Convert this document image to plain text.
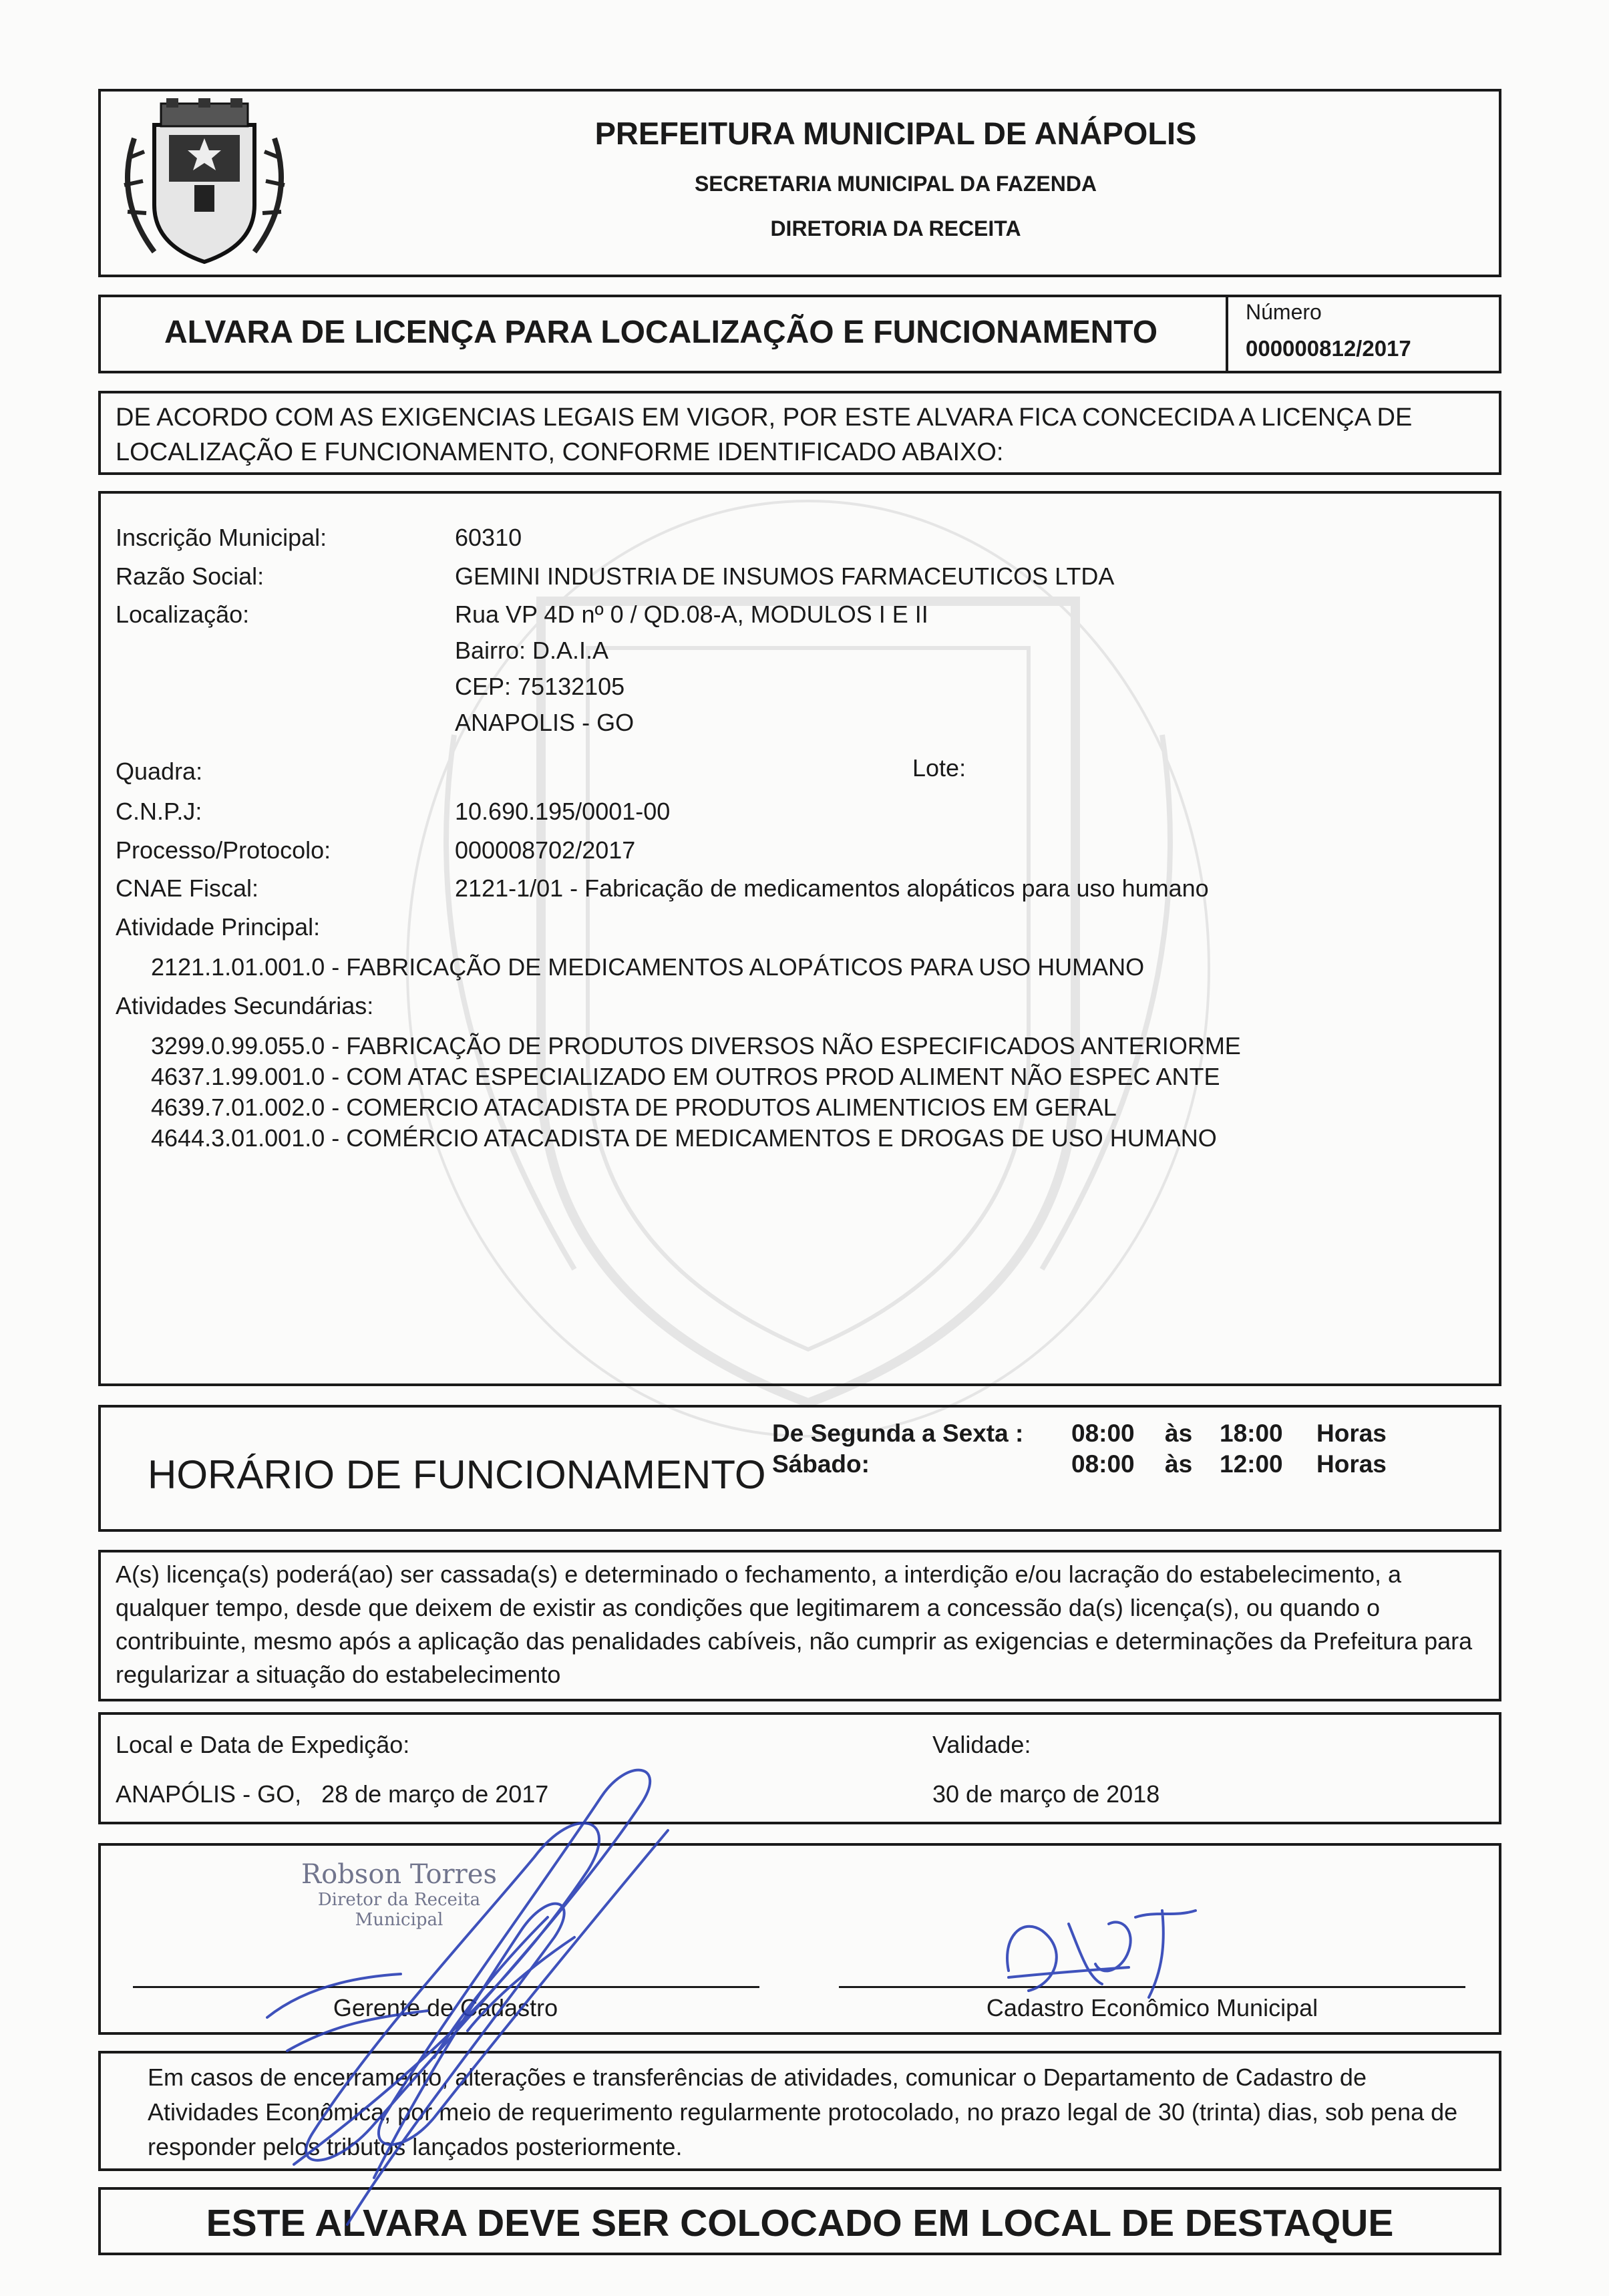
PREFEITURA MUNICIPAL DE ANÁPOLIS
SECRETARIA MUNICIPAL DA FAZENDA
DIRETORIA DA RECEITA
ALVARA DE LICENÇA PARA LOCALIZAÇÃO E FUNCIONAMENTO
Número
000000812/2017
DE ACORDO COM AS EXIGENCIAS LEGAIS EM VIGOR, POR ESTE ALVARA FICA CONCECIDA A LICENÇA DE LOCALIZAÇÃO E FUNCIONAMENTO, CONFORME IDENTIFICADO ABAIXO:
Inscrição Municipal:	60310
Razão Social:	GEMINI INDUSTRIA DE INSUMOS FARMACEUTICOS LTDA
Localização:	Rua VP 4D nº 0 / QD.08-A, MODULOS I E II
Bairro: D.A.I.A
CEP: 75132105
ANAPOLIS - GO
Quadra:	Lote:
C.N.P.J:	10.690.195/0001-00
Processo/Protocolo:	000008702/2017
CNAE Fiscal:	2121-1/01 - Fabricação de medicamentos alopáticos para uso humano
Atividade Principal:
2121.1.01.001.0 - FABRICAÇÃO DE MEDICAMENTOS ALOPÁTICOS PARA USO HUMANO
Atividades Secundárias:
3299.0.99.055.0 - FABRICAÇÃO DE PRODUTOS DIVERSOS NÃO ESPECIFICADOS ANTERIORME
4637.1.99.001.0 - COM ATAC ESPECIALIZADO EM OUTROS PROD ALIMENT NÃO ESPEC ANTE
4639.7.01.002.0 - COMERCIO ATACADISTA DE PRODUTOS ALIMENTICIOS EM GERAL
4644.3.01.001.0 - COMÉRCIO ATACADISTA DE MEDICAMENTOS E DROGAS DE USO HUMANO
HORÁRIO DE FUNCIONAMENTO
De Segunda a Sexta : 08:00 às 18:00 Horas
Sábado:	08:00 às 12:00 Horas
A(s) licença(s) poderá(ao) ser cassada(s) e determinado o fechamento, a interdição e/ou lacração do estabelecimento, a qualquer tempo, desde que deixem de existir as condições que legitimarem a concessão da(s) licença(s), ou quando o contribuinte, mesmo após a aplicação das penalidades cabíveis, não cumprir as exigencias e determinações da Prefeitura para regularizar a situação do estabelecimento
Local e Data de Expedição:
ANAPÓLIS - GO,   28 de março de 2017
Validade:
30 de março de 2018
Robson Torres
Diretor da Receita
Municipal
Gerente de Cadastro	Cadastro Econômico Municipal
Em casos de encerramento, alterações e transferências de atividades, comunicar o Departamento de Cadastro de Atividades Econômica, por meio de requerimento regularmente protocolado, no prazo legal de 30 (trinta) dias, sob pena de responder pelos tributos lançados posteriormente.
ESTE ALVARA DEVE SER COLOCADO EM LOCAL DE DESTAQUE
